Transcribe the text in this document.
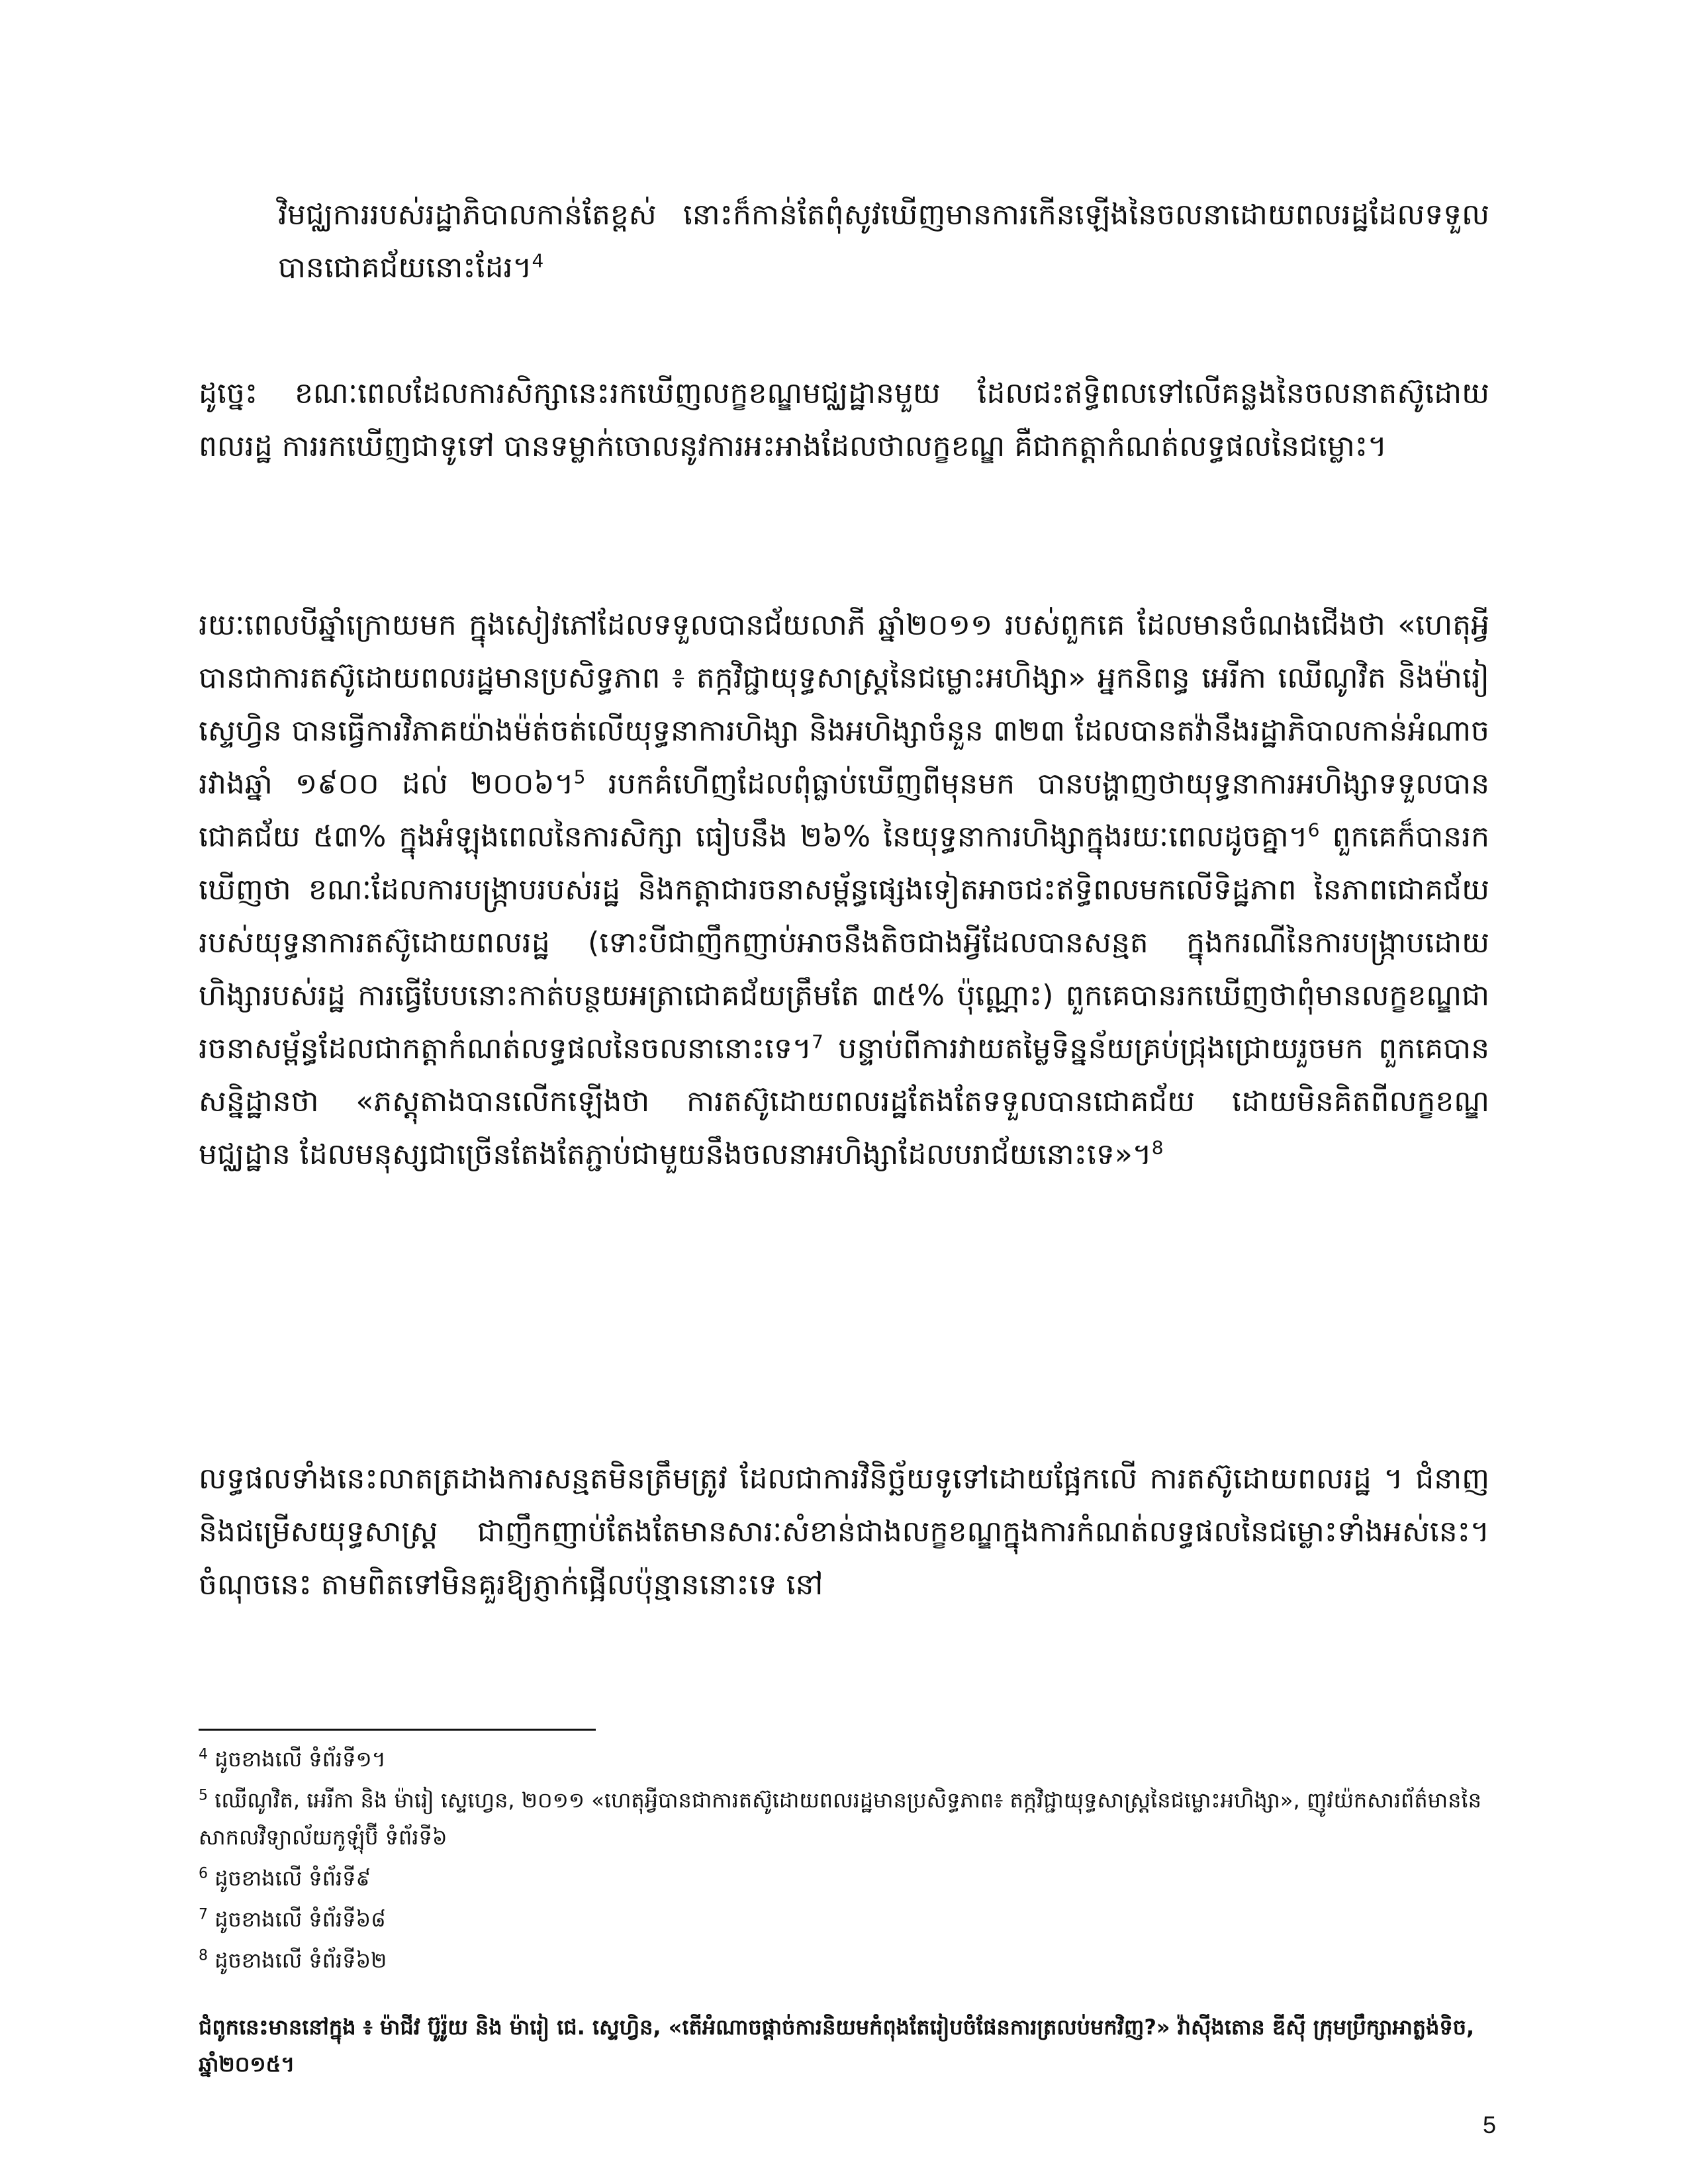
វិមជ្ឈការរបស់រដ្ឋាភិបាលកាន់តែខ្ពស់ នោះក៏កាន់តែពុំសូវឃើញមានការកើនឡើងនៃចលនាដោយពលរដ្ឋដែលទទួលបានជោគជ័យនោះដែរ។$^4$

ដូច្នេះ ខណៈពេលដែលការសិក្សានេះរកឃើញលក្ខខណ្ឌមជ្ឈដ្ឋានមួយ ដែលជះឥទ្ធិពលទៅលើគន្លងនៃចលនាតស៊ូដោយពលរដ្ឋ ការរកឃើញជាទូទៅ បានទម្លាក់ចោលនូវការអះអាងដែលថាលក្ខខណ្ឌ គឺជាកត្តាកំណត់លទ្ធផលនៃជម្លោះ។

រយៈពេលបីឆ្នាំក្រោយមក ក្នុងសៀវភៅដែលទទួលបានជ័យលាភី ឆ្នាំ២០១១ របស់ពួកគេ ដែលមានចំណងជើងថា «ហេតុអ្វីបានជាការតស៊ូដោយពលរដ្ឋមានប្រសិទ្ធភាព ៖ តក្កវិជ្ជាយុទ្ធសាស្ត្រនៃជម្លោះអហិង្សា» អ្នកនិពន្ធ អេរីកា ឈើណូវិត និងម៉ារៀ ស្ទេហ្វិន បានធ្វើការវិភាគយ៉ាងម៉ត់ចត់លើយុទ្ធនាការហិង្សា និងអហិង្សាចំនួន ៣២៣ ដែលបានតវ៉ានឹងរដ្ឋាភិបាលកាន់អំណាចរវាងឆ្នាំ ១៩០០ ដល់ ២០០៦។$^5$ របកគំហើញដែលពុំធ្លាប់ឃើញពីមុនមក បានបង្ហាញថាយុទ្ធនាការអហិង្សាទទួលបានជោគជ័យ ៥៣% ក្នុងអំឡុងពេលនៃការសិក្សា ធៀបនឹង ២៦% នៃយុទ្ធនាការហិង្សាក្នុងរយៈពេលដូចគ្នា។$^6$ ពួកគេក៏បានរកឃើញថា ខណៈដែលការបង្រ្កាបរបស់រដ្ឋ និងកត្តាជារចនាសម្ព័ន្ធផ្សេងទៀតអាចជះឥទ្ធិពលមកលើទិដ្ឋភាព នៃភាពជោគជ័យរបស់យុទ្ធនាការតស៊ូដោយពលរដ្ឋ (ទោះបីជាញឹកញាប់អាចនឹងតិចជាងអ្វីដែលបានសន្មត ក្នុងករណីនៃការបង្ក្រាបដោយហិង្សារបស់រដ្ឋ ការធ្វើបែបនោះកាត់បន្ថយអត្រាជោគជ័យត្រឹមតែ ៣៥% ប៉ុណ្ណោះ) ពួកគេបានរកឃើញថាពុំមានលក្ខខណ្ឌជារចនាសម្ព័ន្ធដែលជាកត្តាកំណត់លទ្ធផលនៃចលនានោះទេ។$^7$ បន្ទាប់ពីការវាយតម្លៃទិន្នន័យគ្រប់ជ្រុងជ្រោយរួចមក ពួកគេបានសន្និដ្ឋានថា «ភស្តុតាងបានលើកឡើងថា ការតស៊ូដោយពលរដ្ឋតែងតែទទួលបានជោគជ័យ ដោយមិនគិតពីលក្ខខណ្ឌមជ្ឈដ្ឋាន ដែលមនុស្សជាច្រើនតែងតែភ្ជាប់ជាមួយនឹងចលនាអហិង្សាដែលបរាជ័យនោះទេ»។$^8$

លទ្ធផលទាំងនេះលាតត្រដាងការសន្មតមិនត្រឹមត្រូវ ដែលជាការវិនិច្ឆ័យទូទៅដោយផ្អែកលើ ការតស៊ូដោយពលរដ្ឋ ។ ជំនាញ និងជម្រើសយុទ្ធសាស្ត្រ ជាញឹកញាប់តែងតែមានសារៈសំខាន់ជាងលក្ខខណ្ឌក្នុងការកំណត់លទ្ធផលនៃជម្លោះទាំងអស់នេះ។ ចំណុចនេះ តាមពិតទៅមិនគួរឱ្យភ្ញាក់ផ្អើលប៉ុន្មាននោះទេ នៅ

$^4$ ដូចខាងលើ ទំព័រទី១។

$^5$ ឈើណូវិត, អេរីកា និង ម៉ារៀ ស្ទេហ្វេន, ២០១១ «ហេតុអ្វីបានជាការតស៊ូដោយពលរដ្ឋមានប្រសិទ្ធភាព៖ តក្កវិជ្ជាយុទ្ធសាស្ត្រនៃជម្លោះអហិង្សា», ញូវយ៉កសារព័ត៌មាននៃសាកលវិទ្យាល័យកូឡុំប៊ី ទំព័រទី៦

$^6$ ដូចខាងលើ ទំព័រទី៩

$^7$ ដូចខាងលើ ទំព័រទី៦៨

$^8$ ដូចខាងលើ ទំព័រទី៦២

ជំពូកនេះមាននៅក្នុង ៖ ម៉ាជីវ ប៊ូរ៉ូយ និង ម៉ារៀ ជេ. ស្ទេហ្វិន, «តើអំណាចផ្តាច់ការនិយមកំពុងតែរៀបចំផែនការត្រលប់មកវិញ?» វ៉ាស៊ីងតោន ឌីស៊ី ក្រុមប្រឹក្សាអាត្លង់ទិច, ឆ្នាំ២០១៥។

5
